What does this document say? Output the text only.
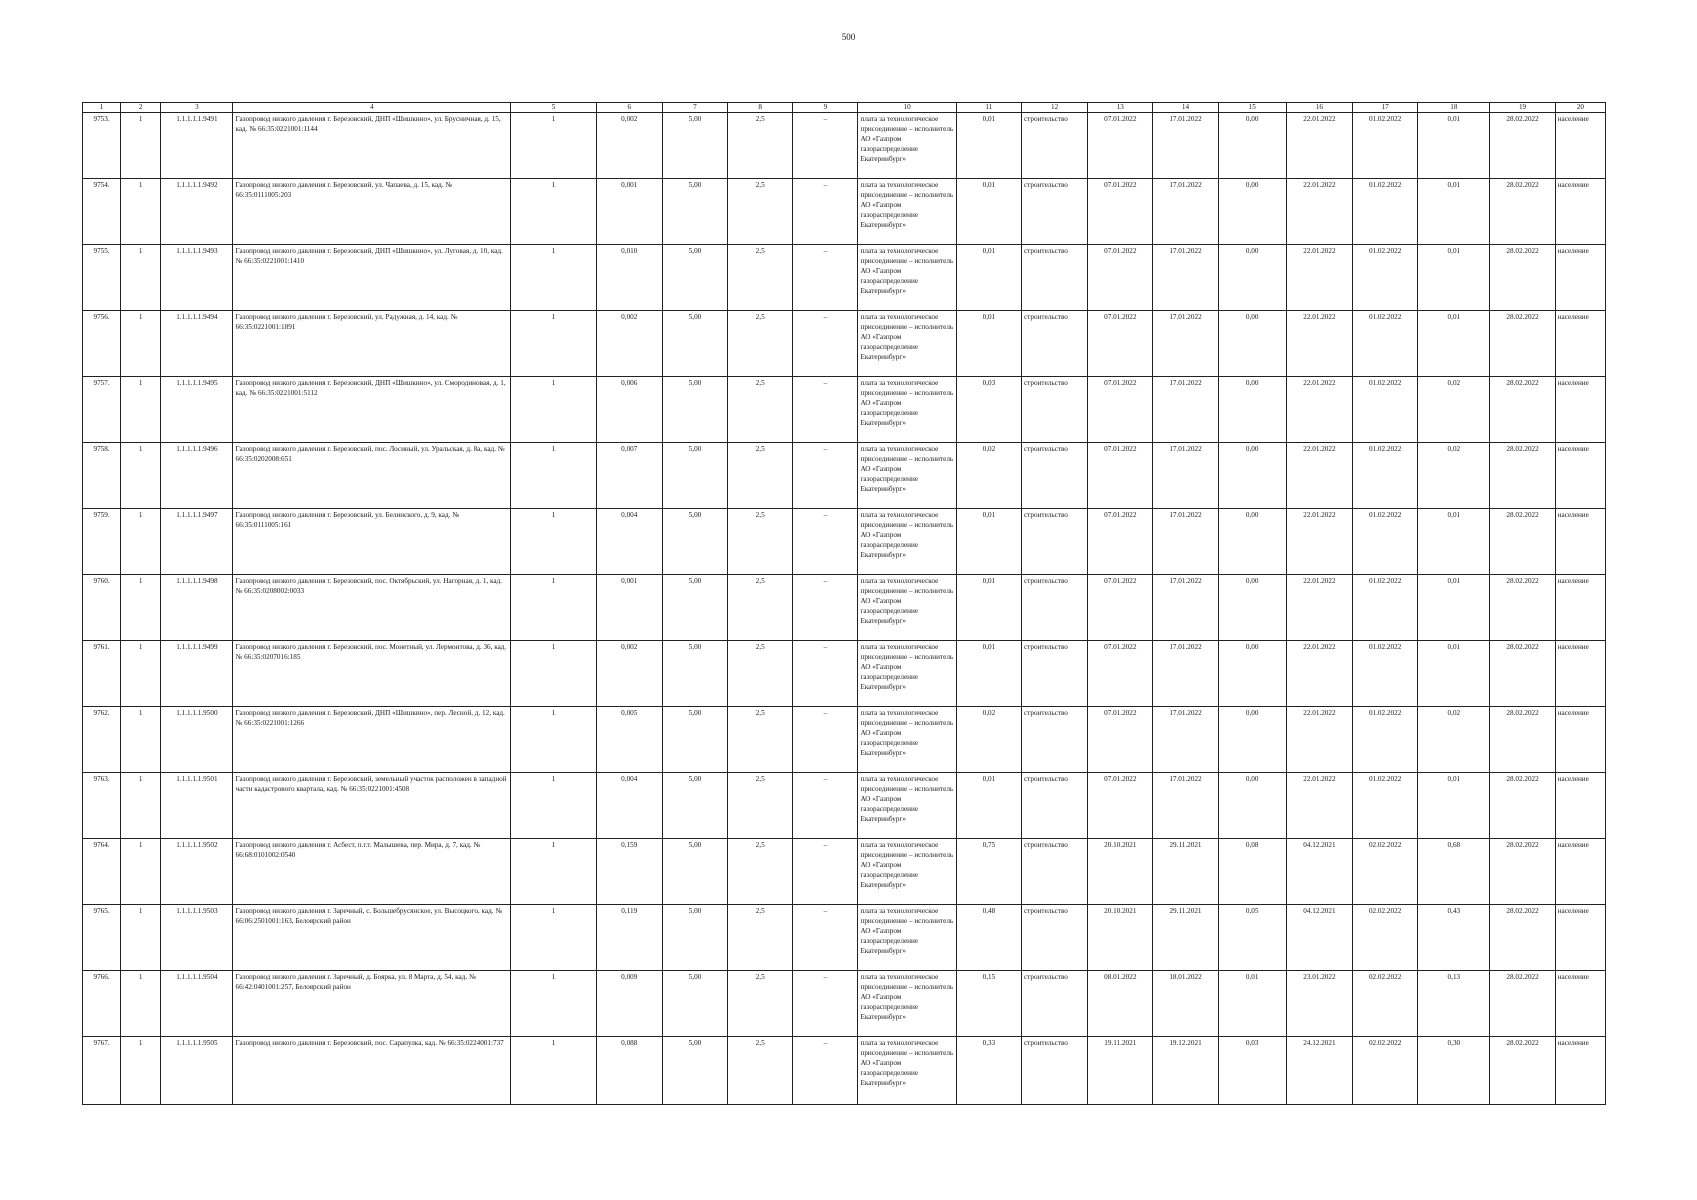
500
1	2	3	4	5	6	7	8	9	10	11	12	13	14	15	16	17	18	19	20
9753.	1	1.1.1.1.1.9491	Газопровод низкого давления г. Березовский, ДНП «Шишкино», ул. Брусничная, д. 15, кад. № 66:35:0221001:1144	1	0,002	5,00	2,5	–	плата за технологическое присоединение – исполнитель АО «Газпром газораспределение Екатеринбург»	0,01	строительство	07.01.2022	17.01.2022	0,00	22.01.2022	01.02.2022	0,01	28.02.2022	население
9754.	1	1.1.1.1.1.9492	Газопровод низкого давления г. Березовский, ул. Чапаева, д. 15, кад. № 66:35:0111005:203	1	0,001	5,00	2,5	–	плата за технологическое присоединение – исполнитель АО «Газпром газораспределение Екатеринбург»	0,01	строительство	07.01.2022	17.01.2022	0,00	22.01.2022	01.02.2022	0,01	28.02.2022	население
9755.	1	1.1.1.1.1.9493	Газопровод низкого давления г. Березовский, ДНП «Шишкино», ул. Луговая, д. 10, кад. № 66:35:0221001:1410	1	0,010	5,00	2,5	–	плата за технологическое присоединение – исполнитель АО «Газпром газораспределение Екатеринбург»	0,01	строительство	07.01.2022	17.01.2022	0,00	22.01.2022	01.02.2022	0,01	28.02.2022	население
9756.	1	1.1.1.1.1.9494	Газопровод низкого давления г. Березовский, ул. Радужная, д. 14, кад. № 66:35:0221001:1891	1	0,002	5,00	2,5	–	плата за технологическое присоединение – исполнитель АО «Газпром газораспределение Екатеринбург»	0,01	строительство	07.01.2022	17.01.2022	0,00	22.01.2022	01.02.2022	0,01	28.02.2022	население
9757.	1	1.1.1.1.1.9495	Газопровод низкого давления г. Березовский, ДНП «Шишкино», ул. Смородиновая, д. 1, кад. № 66:35:0221001:5112	1	0,006	5,00	2,5	–	плата за технологическое присоединение – исполнитель АО «Газпром газораспределение Екатеринбург»	0,03	строительство	07.01.2022	17.01.2022	0,00	22.01.2022	01.02.2022	0,02	28.02.2022	население
9758.	1	1.1.1.1.1.9496	Газопровод низкого давления г. Березовский, пос. Лосиный, ул. Уральская, д. 8а, кад. № 66:35:0202008:651	1	0,007	5,00	2,5	–	плата за технологическое присоединение – исполнитель АО «Газпром газораспределение Екатеринбург»	0,02	строительство	07.01.2022	17.01.2022	0,00	22.01.2022	01.02.2022	0,02	28.02.2022	население
9759.	1	1.1.1.1.1.9497	Газопровод низкого давления г. Березовский, ул. Белинского, д. 9, кад. № 66:35:0111005:161	1	0,004	5,00	2,5	–	плата за технологическое присоединение – исполнитель АО «Газпром газораспределение Екатеринбург»	0,01	строительство	07.01.2022	17.01.2022	0,00	22.01.2022	01.02.2022	0,01	28.02.2022	население
9760.	1	1.1.1.1.1.9498	Газопровод низкого давления г. Березовский, пос. Октябрьский, ул. Нагорная, д. 1, кад. № 66:35:0208002:0033	1	0,001	5,00	2,5	–	плата за технологическое присоединение – исполнитель АО «Газпром газораспределение Екатеринбург»	0,01	строительство	07.01.2022	17.01.2022	0,00	22.01.2022	01.02.2022	0,01	28.02.2022	население
9761.	1	1.1.1.1.1.9499	Газопровод низкого давления г. Березовский, пос. Монетный, ул. Лермонтова, д. 36, кад. № 66:35:0207016:185	1	0,002	5,00	2,5	–	плата за технологическое присоединение – исполнитель АО «Газпром газораспределение Екатеринбург»	0,01	строительство	07.01.2022	17.01.2022	0,00	22.01.2022	01.02.2022	0,01	28.02.2022	население
9762.	1	1.1.1.1.1.9500	Газопровод низкого давления г. Березовский, ДНП «Шишкино», пер. Лесной, д. 12, кад. № 66:35:0221001:1266	1	0,005	5,00	2,5	–	плата за технологическое присоединение – исполнитель АО «Газпром газораспределение Екатеринбург»	0,02	строительство	07.01.2022	17.01.2022	0,00	22.01.2022	01.02.2022	0,02	28.02.2022	население
9763.	1	1.1.1.1.1.9501	Газопровод низкого давления г. Березовский, земельный участок расположен в западной части кадастрового квартала, кад. № 66:35:0221001:4508	1	0,004	5,00	2,5	–	плата за технологическое присоединение – исполнитель АО «Газпром газораспределение Екатеринбург»	0,01	строительство	07.01.2022	17.01.2022	0,00	22.01.2022	01.02.2022	0,01	28.02.2022	население
9764.	1	1.1.1.1.1.9502	Газопровод низкого давления г. Асбест, п.г.т. Малышева, пер. Мира, д. 7, кад. № 66:68:0101002:0540	1	0,159	5,00	2,5	–	плата за технологическое присоединение – исполнитель АО «Газпром газораспределение Екатеринбург»	0,75	строительство	20.10.2021	29.11.2021	0,08	04.12.2021	02.02.2022	0,68	28.02.2022	население
9765.	1	1.1.1.1.1.9503	Газопровод низкого давления г. Заречный, с. Большебрусянское, ул. Высоцкого, кад. № 66:06:2501001:163, Белоярский район	1	0,119	5,00	2,5	–	плата за технологическое присоединение – исполнитель АО «Газпром газораспределение Екатеринбург»	0,48	строительство	20.10.2021	29.11.2021	0,05	04.12.2021	02.02.2022	0,43	28.02.2022	население
9766.	1	1.1.1.1.1.9504	Газопровод низкого давления г. Заречный, д. Боярка, ул. 8 Марта, д. 54, кад. № 66:42:0401001:257, Белоярский район	1	0,009	5,00	2,5	–	плата за технологическое присоединение – исполнитель АО «Газпром газораспределение Екатеринбург»	0,15	строительство	08.01.2022	18.01.2022	0,01	23.01.2022	02.02.2022	0,13	28.02.2022	население
9767.	1	1.1.1.1.1.9505	Газопровод низкого давления г. Березовский, пос. Сарапулка, кад. № 66:35:0224001:737	1	0,088	5,00	2,5	–	плата за технологическое присоединение – исполнитель АО «Газпром газораспределение Екатеринбург»	0,33	строительство	19.11.2021	19.12.2021	0,03	24.12.2021	02.02.2022	0,30	28.02.2022	население
